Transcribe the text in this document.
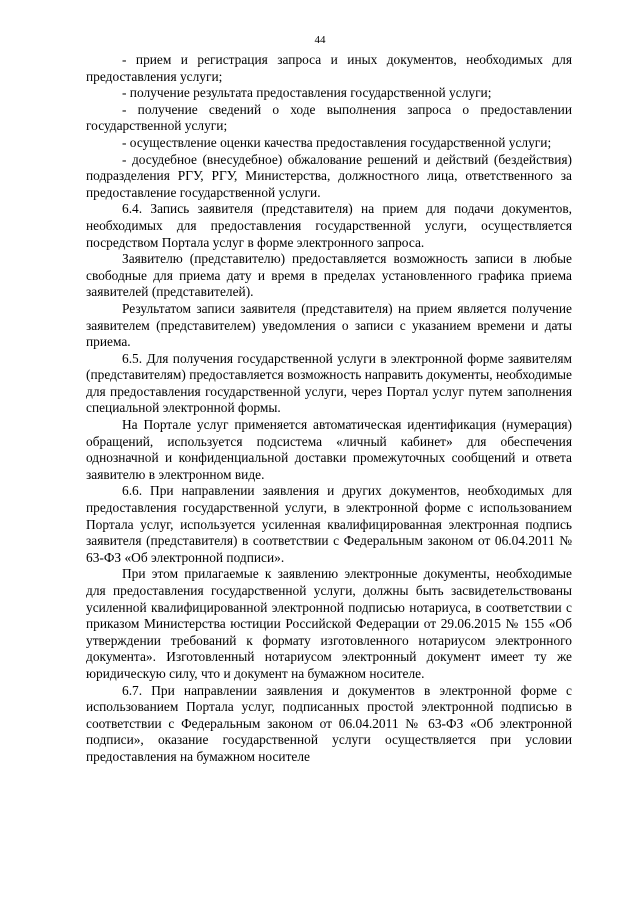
44

- прием и регистрация запроса и иных документов, необходимых для предоставления услуги;

- получение результата предоставления государственной услуги;

- получение сведений о ходе выполнения запроса о предоставлении государственной услуги;

- осуществление оценки качества предоставления государственной услуги;

- досудебное (внесудебное) обжалование решений и действий (бездействия) подразделения РГУ, РГУ, Министерства, должностного лица, ответственного за предоставление государственной услуги.

6.4. Запись заявителя (представителя) на прием для подачи документов, необходимых для предоставления государственной услуги, осуществляется посредством Портала услуг в форме электронного запроса.

Заявителю (представителю) предоставляется возможность записи в любые свободные для приема дату и время в пределах установленного графика приема заявителей (представителей).

Результатом записи заявителя (представителя) на прием является получение заявителем (представителем) уведомления о записи с указанием времени и даты приема.

6.5. Для получения государственной услуги в электронной форме заявителям (представителям) предоставляется возможность направить документы, необходимые для предоставления государственной услуги, через Портал услуг путем заполнения специальной электронной формы.

На Портале услуг применяется автоматическая идентификация (нумерация) обращений, используется подсистема «личный кабинет» для обеспечения однозначной и конфиденциальной доставки промежуточных сообщений и ответа заявителю в электронном виде.

6.6. При направлении заявления и других документов, необходимых для предоставления государственной услуги, в электронной форме с использованием Портала услуг, используется усиленная квалифицированная электронная подпись заявителя (представителя) в соответствии с Федеральным законом от 06.04.2011 № 63-ФЗ «Об электронной подписи».

При этом прилагаемые к заявлению электронные документы, необходимые для предоставления государственной услуги, должны быть засвидетельствованы усиленной квалифицированной электронной подписью нотариуса, в соответствии с приказом Министерства юстиции Российской Федерации от 29.06.2015 № 155 «Об утверждении требований к формату изготовленного нотариусом электронного документа». Изготовленный нотариусом электронный документ имеет ту же юридическую силу, что и документ на бумажном носителе.

6.7. При направлении заявления и документов в электронной форме с использованием Портала услуг, подписанных простой электронной подписью в соответствии с Федеральным законом от 06.04.2011 № 63-ФЗ «Об электронной подписи», оказание государственной услуги осуществляется при условии предоставления на бумажном носителе
